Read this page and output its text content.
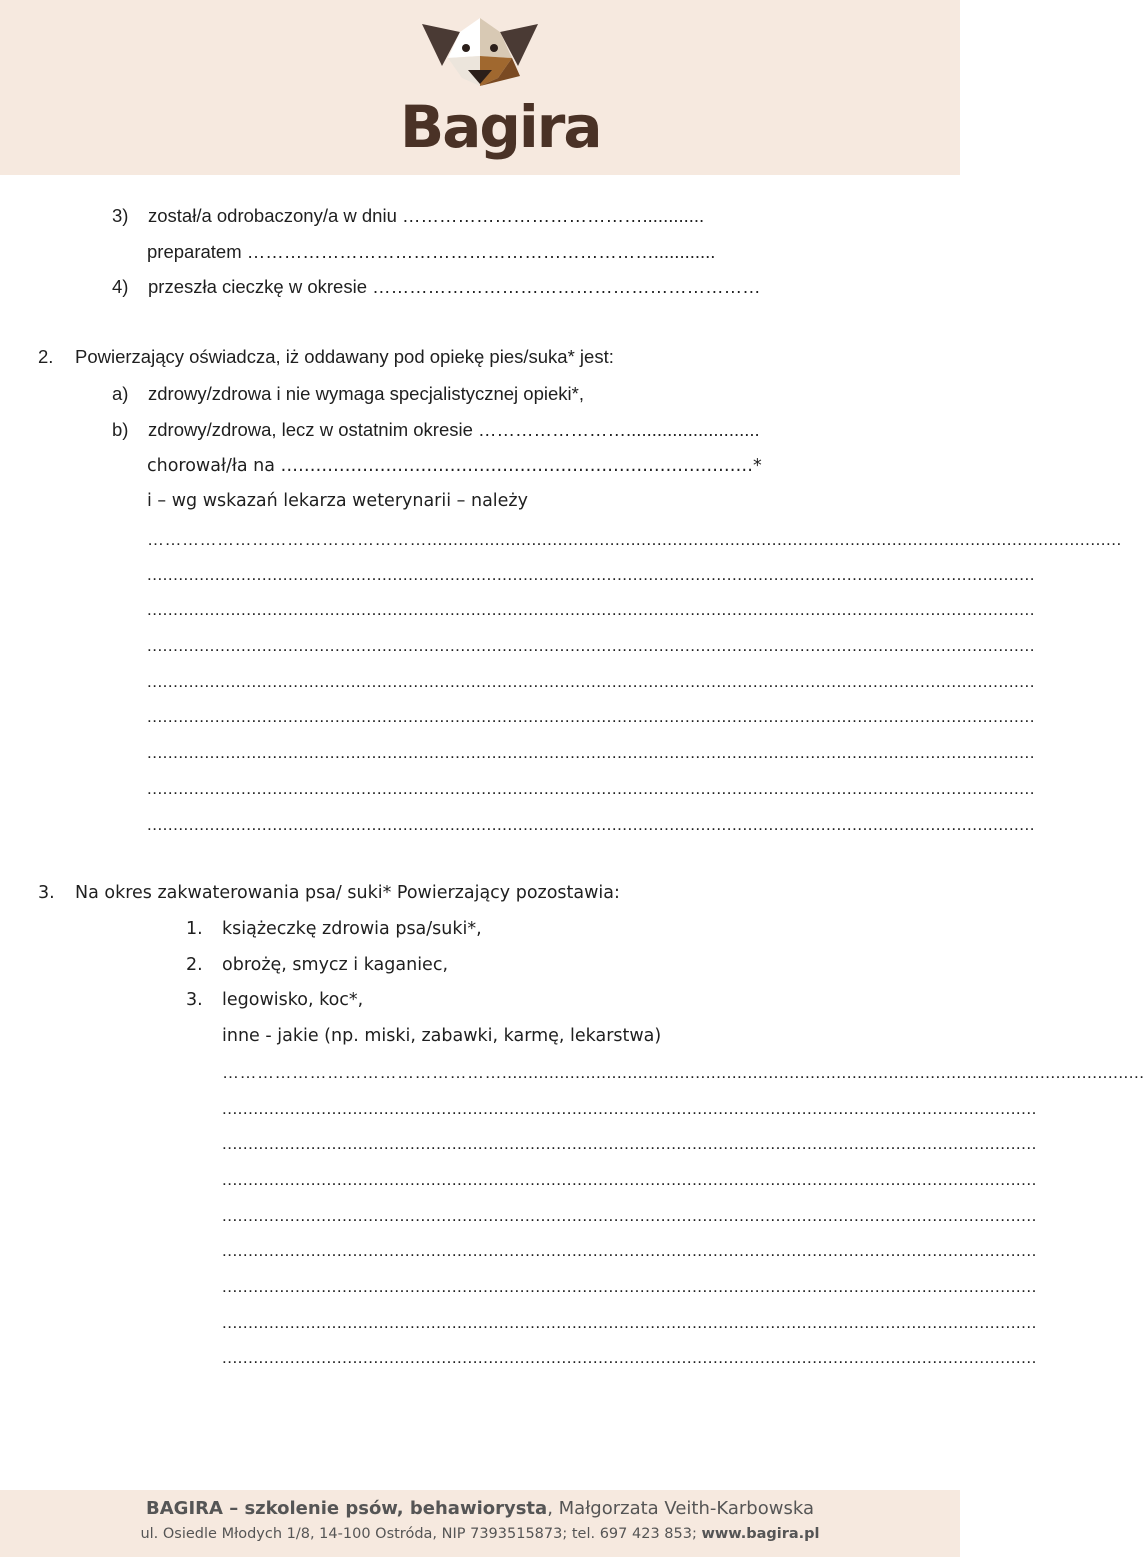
Bagira
3) został/a odrobaczony/a w dniu …………………………………............
preparatem …………………………………………………………............
4) przeszła cieczkę w okresie ………………………………………………………
2. Powierzający oświadcza, iż oddawany pod opiekę pies/suka* jest:
a) zdrowy/zdrowa i nie wymaga specjalistycznej opieki*,
b) zdrowy/zdrowa, lecz w ostatnim okresie ……………………..........................
chorował/ła na ………………………………………………………………………*
i – wg wskazań lekarza weterynarii – należy
………………………………………….....................................................................................................................................
..........................................................................................................................................................................
..........................................................................................................................................................................
..........................................................................................................................................................................
..........................................................................................................................................................................
..........................................................................................................................................................................
..........................................................................................................................................................................
..........................................................................................................................................................................
..........................................................................................................................................................................
3. Na okres zakwaterowania psa/ suki* Powierzający pozostawia:
1. książeczkę zdrowia psa/suki*,
2. obrożę, smycz i kaganiec,
3. legowisko, koc*,
inne - jakie (np. miski, zabawki, karmę, lekarstwa)
…………………………………………...........................................................................................................................
............................................................................................................................................................
............................................................................................................................................................
............................................................................................................................................................
............................................................................................................................................................
............................................................................................................................................................
............................................................................................................................................................
............................................................................................................................................................
............................................................................................................................................................
BAGIRA – szkolenie psów, behawiorysta, Małgorzata Veith-Karbowska
ul. Osiedle Młodych 1/8, 14-100 Ostróda, NIP 7393515873; tel. 697 423 853; www.bagira.pl
